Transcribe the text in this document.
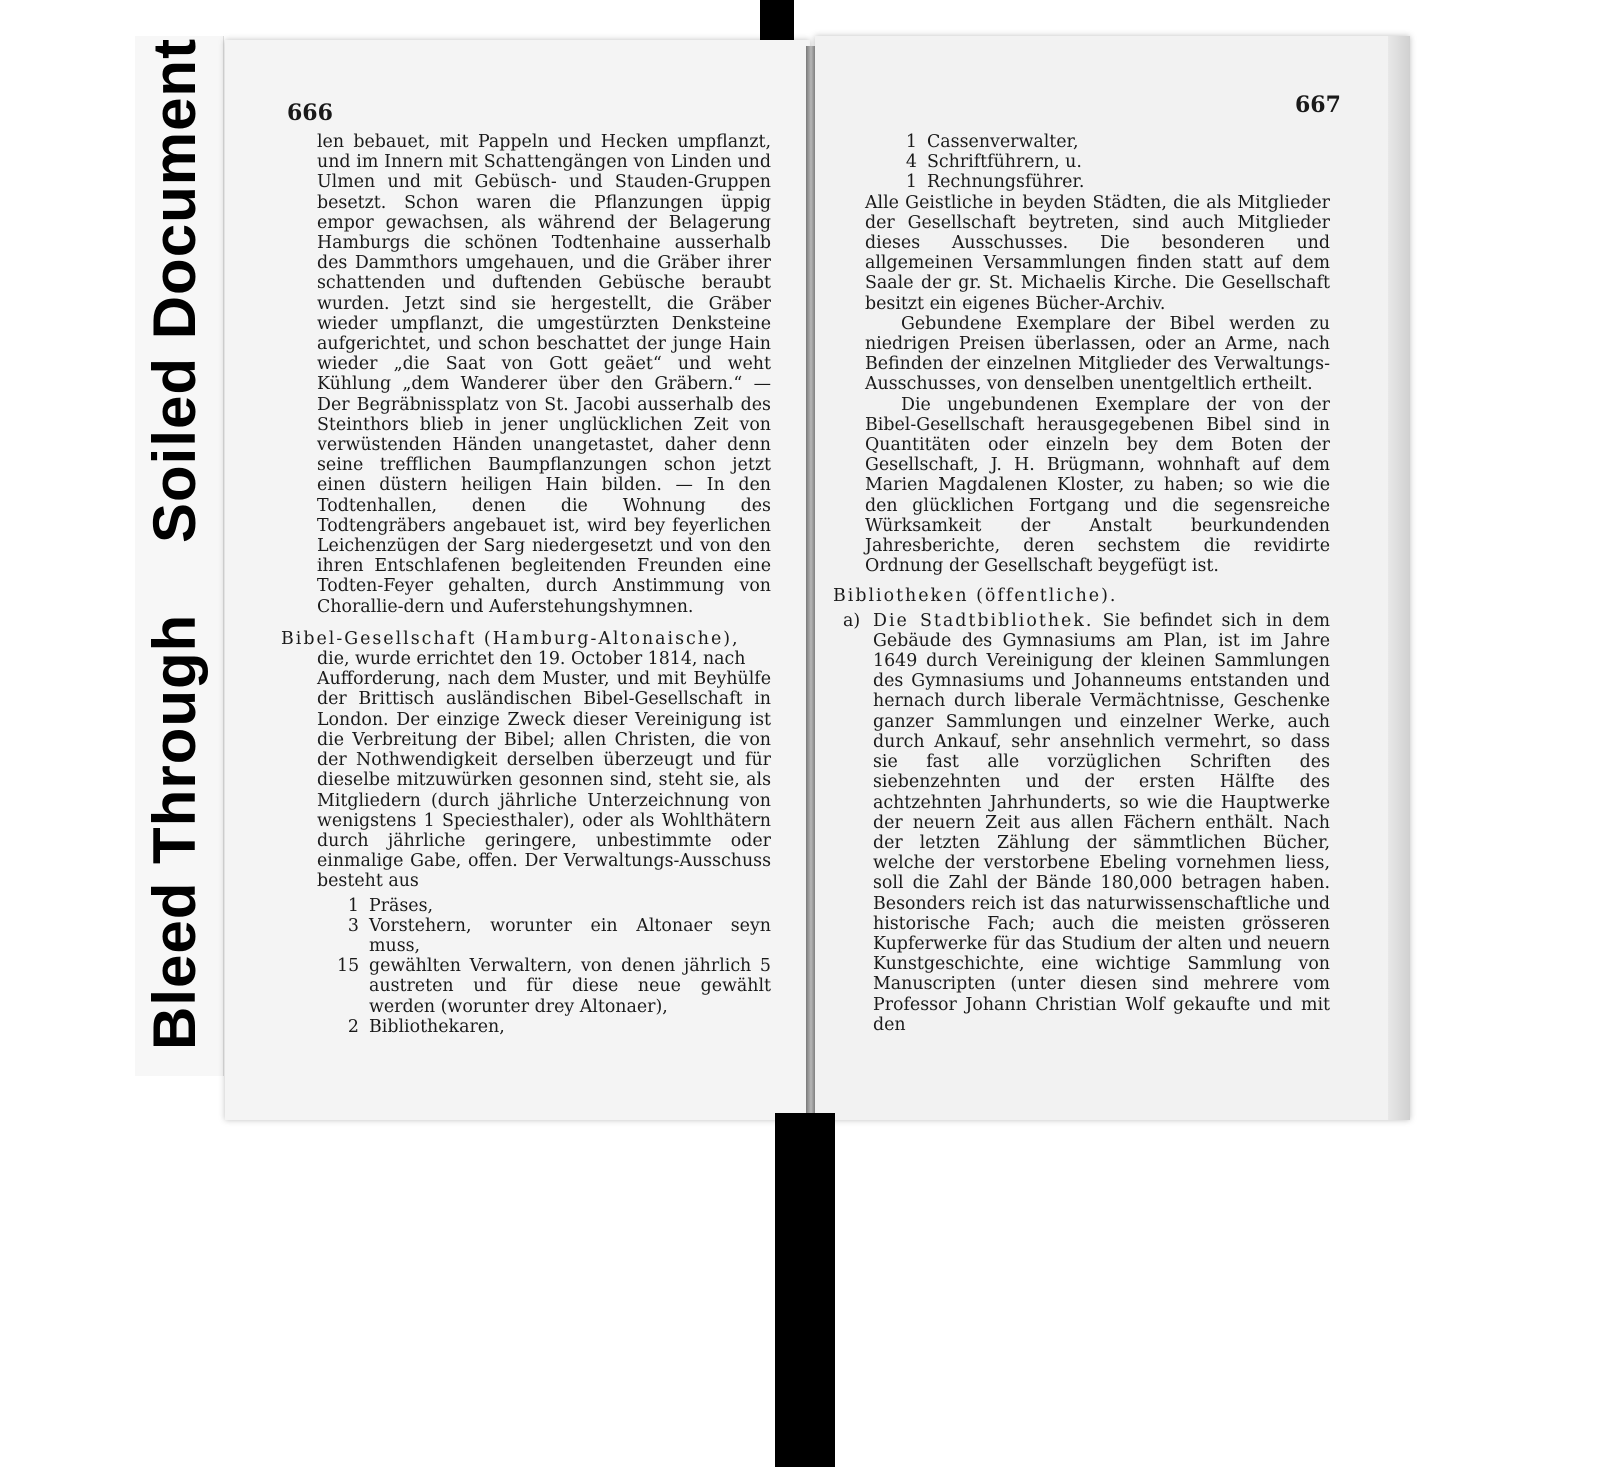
Bleed Through    Soiled Document	666

len bebauet, mit Pappeln und Hecken umpflanzt, und im Innern mit Schattengängen von Linden und Ulmen und mit Gebüsch- und Stauden-Gruppen besetzt. Schon waren die Pflanzungen üppig empor gewachsen, als während der Belagerung Hamburgs die schönen Todtenhaine ausserhalb des Dammthors umgehauen, und die Gräber ihrer schattenden und duftenden Gebüsche beraubt wurden. Jetzt sind sie hergestellt, die Gräber wieder umpflanzt, die umgestürzten Denksteine aufgerichtet, und schon beschattet der junge Hain wieder „die Saat von Gott geäet“ und weht Kühlung „dem Wanderer über den Gräbern.“ — Der Begräbnissplatz von St. Jacobi ausserhalb des Steinthors blieb in jener unglücklichen Zeit von verwüstenden Händen unangetastet, daher denn seine trefflichen Baumpflanzungen schon jetzt einen düstern heiligen Hain bilden. — In den Todtenhallen, denen die Wohnung des Todtengräbers angebauet ist, wird bey feyerlichen Leichenzügen der Sarg niedergesetzt und von den ihren Entschlafenen begleitenden Freunden eine Todten-Feyer gehalten, durch Anstimmung von Chorallie-dern und Auferstehungshymnen.

Bibel-Gesellschaft (Hamburg-Altonaische),
die, wurde errichtet den 19. October 1814, nach
Aufforderung, nach dem Muster, und mit Beyhülfe der Brittisch ausländischen Bibel-Gesellschaft in London. Der einzige Zweck dieser Vereinigung ist die Verbreitung der Bibel; allen Christen, die von der Nothwendigkeit derselben überzeugt und für dieselbe mitzuwürken gesonnen sind, steht sie, als Mitgliedern (durch jährliche Unterzeichnung von wenigstens 1 Speciesthaler), oder als Wohlthätern durch jährliche geringere, unbestimmte oder einmalige Gabe, offen. Der Verwaltungs-Ausschuss besteht aus

1 Präses,
3 Vorstehern, worunter ein Altonaer seyn muss,
15 gewählten Verwaltern, von denen jährlich 5 austreten und für diese neue gewählt werden (worunter drey Altonaer),
2 Bibliothekaren,
667
1 Cassenverwalter,
4 Schriftführern, u.
1 Rechnungsführer.

Alle Geistliche in beyden Städten, die als Mitglieder der Gesellschaft beytreten, sind auch Mitglieder dieses Ausschusses. Die besonderen und allgemeinen Versammlungen finden statt auf dem Saale der gr. St. Michaelis Kirche. Die Gesellschaft besitzt ein eigenes Bücher-Archiv.

Gebundene Exemplare der Bibel werden zu niedrigen Preisen überlassen, oder an Arme, nach Befinden der einzelnen Mitglieder des Verwaltungs-Ausschusses, von denselben unentgeltlich ertheilt.

Die ungebundenen Exemplare der von der Bibel-Gesellschaft herausgegebenen Bibel sind in Quantitäten oder einzeln bey dem Boten der Gesellschaft, J. H. Brügmann, wohnhaft auf dem Marien Magdalenen Kloster, zu haben; so wie die den glücklichen Fortgang und die segensreiche Würksamkeit der Anstalt beurkundenden Jahresberichte, deren sechstem die revidirte Ordnung der Gesellschaft beygefügt ist.

Bibliotheken (öffentliche).

a) Die Stadtbibliothek. Sie befindet sich in dem Gebäude des Gymnasiums am Plan, ist im Jahre 1649 durch Vereinigung der kleinen Sammlungen des Gymnasiums und Johanneums entstanden und hernach durch liberale Vermächtnisse, Geschenke ganzer Sammlungen und einzelner Werke, auch durch Ankauf, sehr ansehnlich vermehrt, so dass sie fast alle vorzüglichen Schriften des siebenzehnten und der ersten Hälfte des achtzehnten Jahrhunderts, so wie die Hauptwerke der neuern Zeit aus allen Fächern enthält. Nach der letzten Zählung der sämmtlichen Bücher, welche der verstorbene Ebeling vornehmen liess, soll die Zahl der Bände 180,000 betragen haben. Besonders reich ist das naturwissenschaftliche und historische Fach; auch die meisten grösseren Kupferwerke für das Studium der alten und neuern Kunstgeschichte, eine wichtige Sammlung von Manuscripten (unter diesen sind mehrere vom Professor Johann Christian Wolf gekaufte und mit den
